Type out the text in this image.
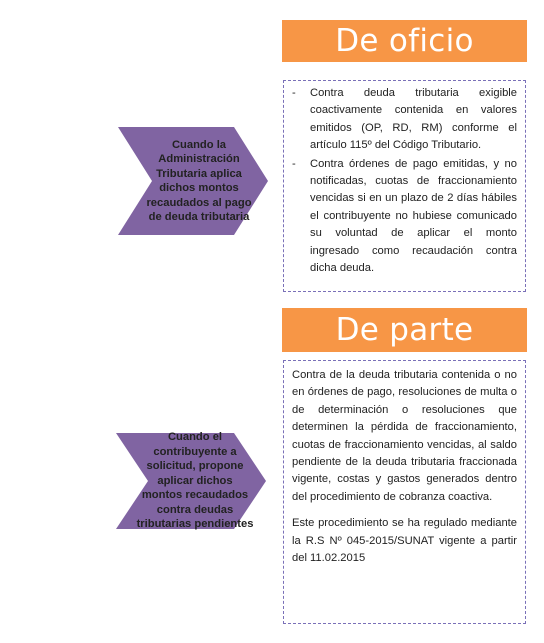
De oficio
Cuando la Administración Tributaria aplica dichos montos recaudados al pago de deuda tributaria
- Contra deuda tributaria exigible coactivamente contenida en valores emitidos (OP, RD, RM) conforme el artículo 115º del Código Tributario.
- Contra órdenes de pago emitidas, y no notificadas, cuotas de fraccionamiento vencidas si en un plazo de 2 días hábiles el contribuyente no hubiese comunicado su voluntad de aplicar el monto ingresado como recaudación contra dicha deuda.
De parte
Cuando el contribuyente a solicitud, propone aplicar dichos montos recaudados contra deudas tributarias pendientes

Contra de la deuda tributaria contenida o no en órdenes de pago, resoluciones de multa o de determinación o resoluciones que determinen la pérdida de fraccionamiento, cuotas de fraccionamiento vencidas, al saldo pendiente de la deuda tributaria fraccionada vigente, costas y gastos generados dentro del procedimiento de cobranza coactiva.

Este procedimiento se ha regulado mediante la R.S Nº 045-2015/SUNAT vigente a partir del 11.02.2015
